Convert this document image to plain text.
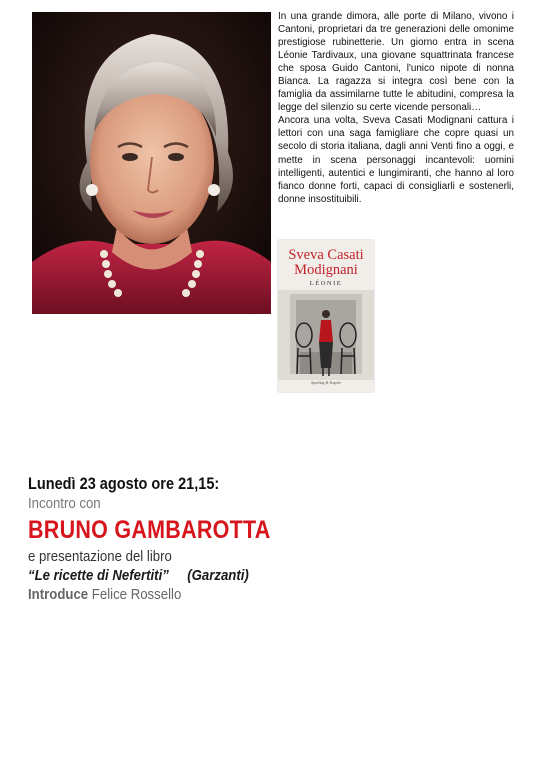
In una grande dimora, alle porte di Milano, vivono i Cantoni, proprietari da tre generazioni delle omonime prestigiose rubinetterie. Un giorno entra in scena Léonie Tardivaux, una giovane squattrinata francese che sposa Guido Cantoni, l'unico nipote di nonna Bianca. La ragazza si integra così bene con la famiglia da assimilarne tutte le abitudini, compresa la legge del silenzio su certe vicende personali…

Ancora una volta, Sveva Casati Modignani cattura i lettori con una saga famigliare che copre quasi un secolo di storia italiana, dagli anni Venti fino a oggi, e mette in scena personaggi incantevoli: uomini intelligenti, autentici e lungimiranti, che hanno al loro fianco donne forti, capaci di consigliarli e sostenerli, donne insostituibili.

Sveva Casati
Modignani
LÉONIE
Sperling & Kupfer
Lunedì 23 agosto ore 21,15:
Incontro con
BRUNO GAMBAROTTA
e presentazione del libro
“Le ricette di Nefertiti” (Garzanti)
Introduce Felice Rossello
